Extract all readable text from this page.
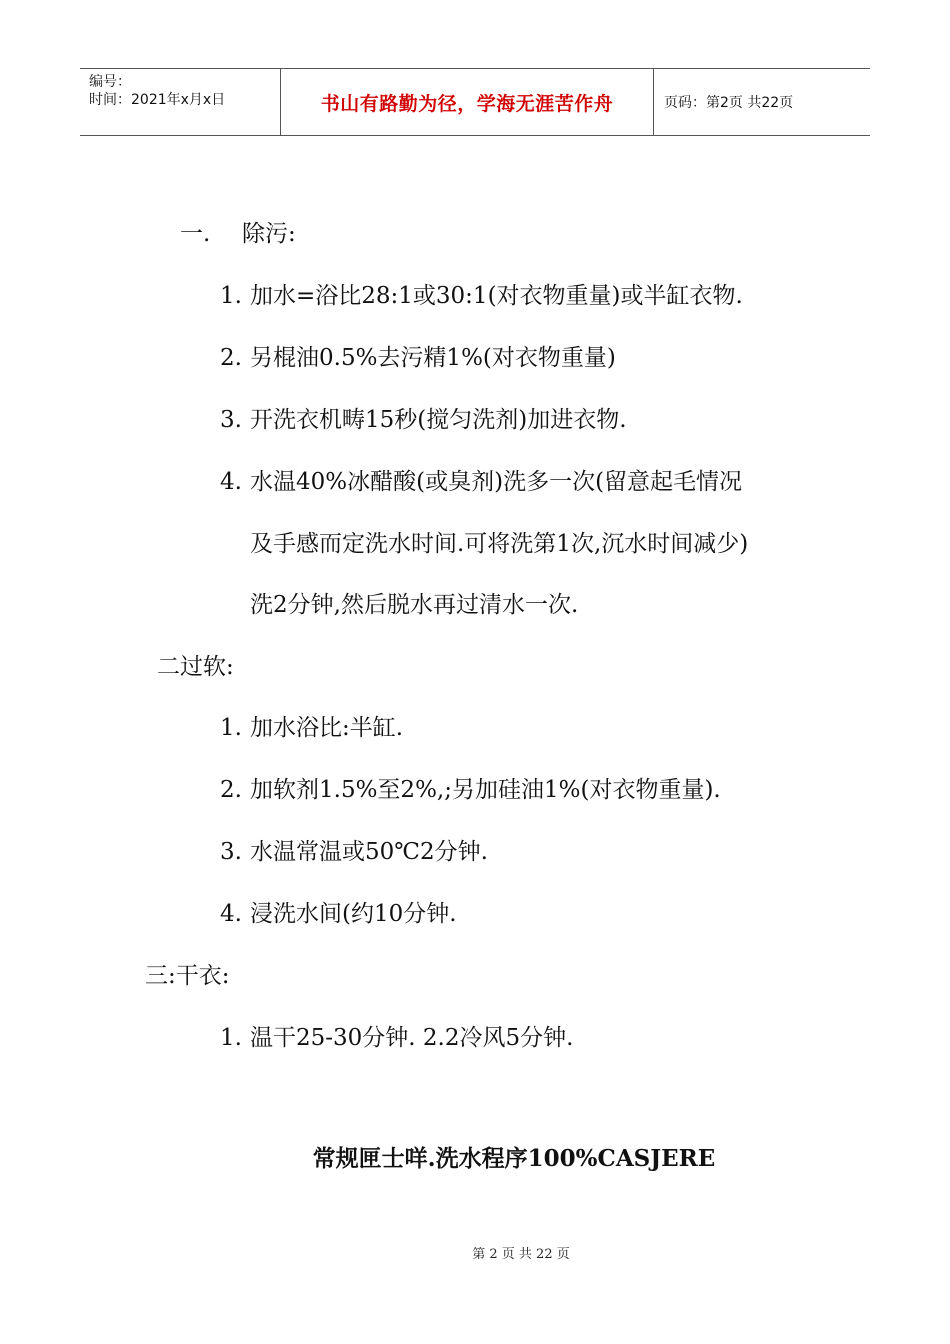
编号：
时间：2021年x月x日	书山有路勤为径，学海无涯苦作舟	页码：第2页 共22页
一. 除污:
1. 加水=浴比28:1或30:1(对衣物重量)或半缸衣物.
2. 另棍油0.5%去污精1%(对衣物重量)
3. 开洗衣机畴15秒(搅匀洗剂)加进衣物.
4. 水温40%冰醋酸(或臭剂)洗多一次(留意起毛情况
及手感而定洗水时间.可将洗第1次,沉水时间减少)
洗2分钟,然后脱水再过清水一次.
二过软:
1. 加水浴比:半缸.
2. 加软剂1.5%至2%,;另加硅油1%(对衣物重量).
3. 水温常温或50℃2分钟.
4. 浸洗水间(约10分钟.
三:干衣:
1. 温干25-30分钟. 2.2冷风5分钟.
常规匣士咩.洗水程序100%CASJERE
第 2 页 共 22 页
